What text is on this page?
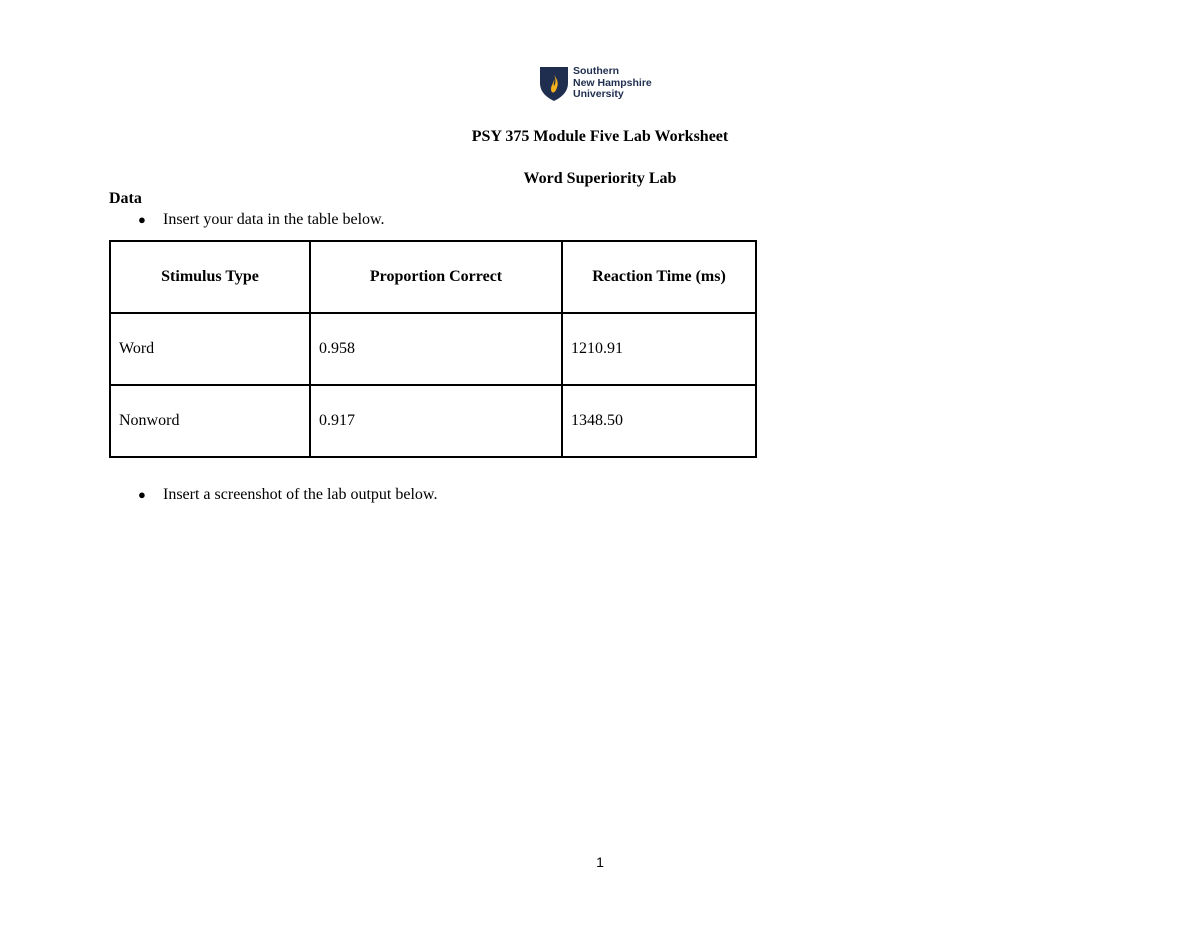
Southern
New Hampshire
University
PSY 375 Module Five Lab Worksheet
Word Superiority Lab
Data
● Insert your data in the table below.
Stimulus Type	Proportion Correct	Reaction Time (ms)
Word	0.958	1210.91
Nonword	0.917	1348.50
● Insert a screenshot of the lab output below.
1
